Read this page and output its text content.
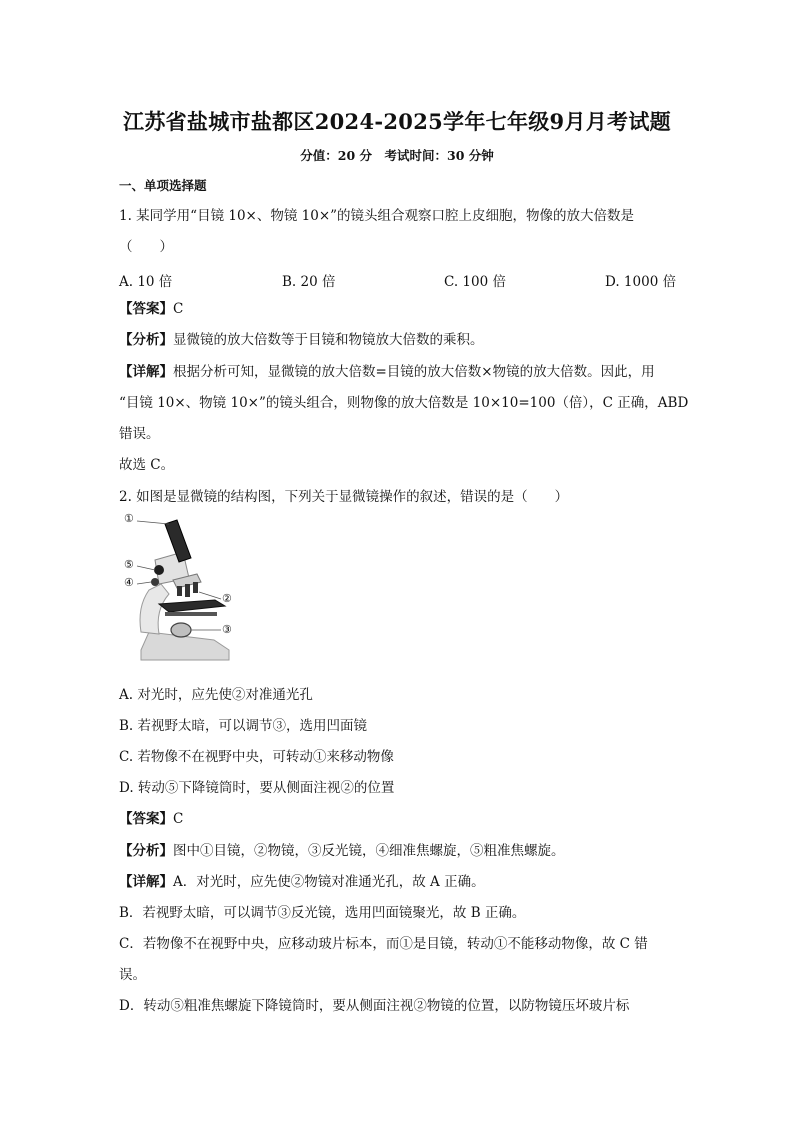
江苏省盐城市盐都区2024-2025学年七年级9月月考试题
分值：20 分　考试时间：30 分钟
一、单项选择题
1. 某同学用“目镜 10×、物镜 10×”的镜头组合观察口腔上皮细胞，物像的放大倍数是
（　　）
A. 10 倍	B. 20 倍	C. 100 倍	D. 1000 倍
【答案】C
【分析】显微镜的放大倍数等于目镜和物镜放大倍数的乘积。
【详解】根据分析可知，显微镜的放大倍数=目镜的放大倍数×物镜的放大倍数。因此，用
“目镜 10×、物镜 10×”的镜头组合，则物像的放大倍数是 10×10=100（倍），C 正确，ABD
错误。
故选 C。
2. 如图是显微镜的结构图，下列关于显微镜操作的叙述，错误的是（　　）
①
⑤
④
②
③
A. 对光时，应先使②对准通光孔
B. 若视野太暗，可以调节③，选用凹面镜
C. 若物像不在视野中央，可转动①来移动物像
D. 转动⑤下降镜筒时，要从侧面注视②的位置
【答案】C
【分析】图中①目镜，②物镜，③反光镜，④细准焦螺旋，⑤粗准焦螺旋。
【详解】A．对光时，应先使②物镜对准通光孔，故 A 正确。
B．若视野太暗，可以调节③反光镜，选用凹面镜聚光，故 B 正确。
C．若物像不在视野中央，应移动玻片标本，而①是目镜，转动①不能移动物像，故 C 错
误。
D．转动⑤粗准焦螺旋下降镜筒时，要从侧面注视②物镜的位置，以防物镜压坏玻片标
